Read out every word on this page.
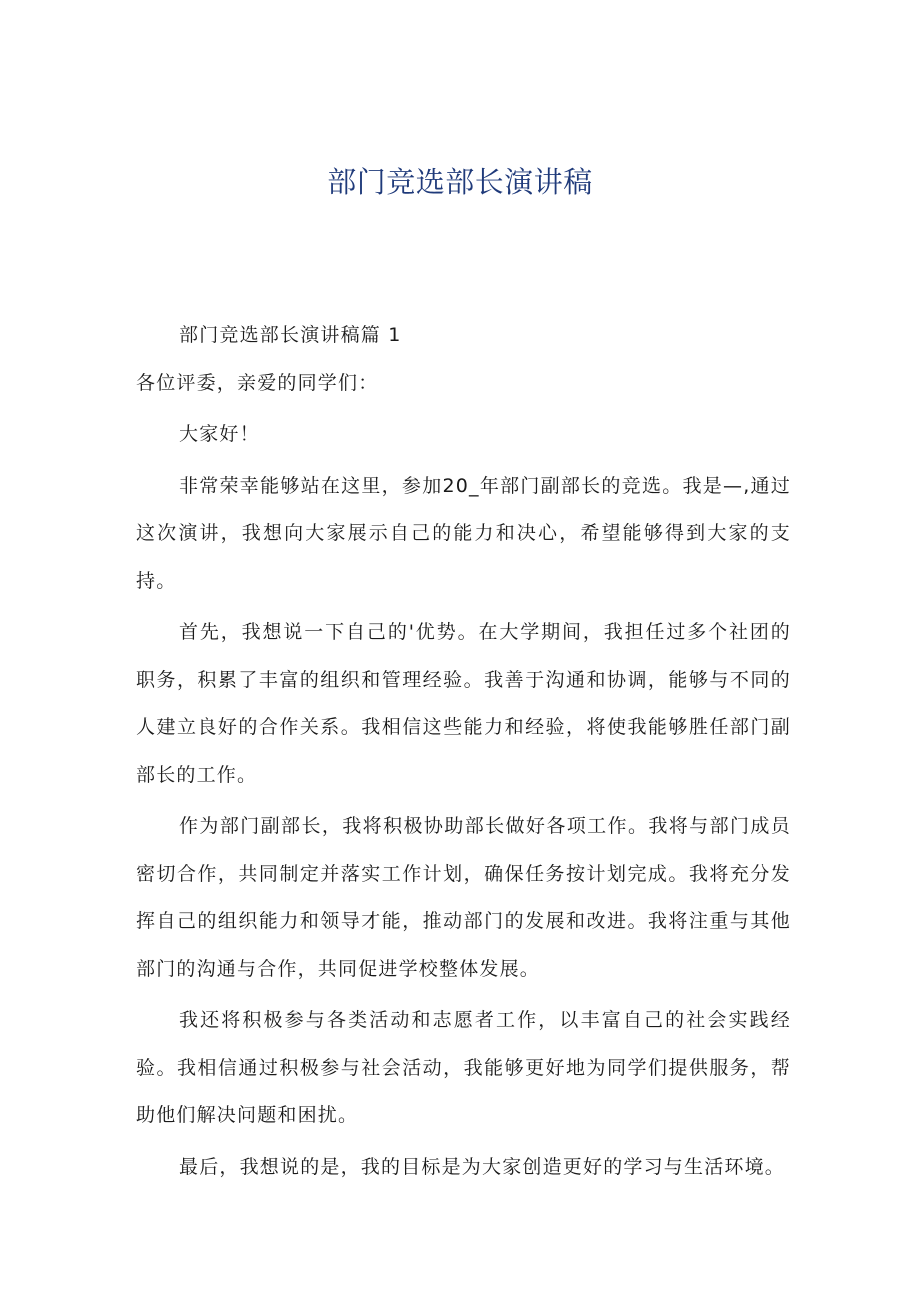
部门竞选部长演讲稿

部门竞选部长演讲稿篇 1

各位评委，亲爱的同学们：

大家好！

非常荣幸能够站在这里，参加20_年部门副部长的竞选。我是—,通过这次演讲，我想向大家展示自己的能力和决心，希望能够得到大家的支持。

首先，我想说一下自己的'优势。在大学期间，我担任过多个社团的职务，积累了丰富的组织和管理经验。我善于沟通和协调，能够与不同的人建立良好的合作关系。我相信这些能力和经验，将使我能够胜任部门副部长的工作。

作为部门副部长，我将积极协助部长做好各项工作。我将与部门成员密切合作，共同制定并落实工作计划，确保任务按计划完成。我将充分发挥自己的组织能力和领导才能，推动部门的发展和改进。我将注重与其他部门的沟通与合作，共同促进学校整体发展。

我还将积极参与各类活动和志愿者工作，以丰富自己的社会实践经验。我相信通过积极参与社会活动，我能够更好地为同学们提供服务，帮助他们解决问题和困扰。

最后，我想说的是，我的目标是为大家创造更好的学习与生活环境。
